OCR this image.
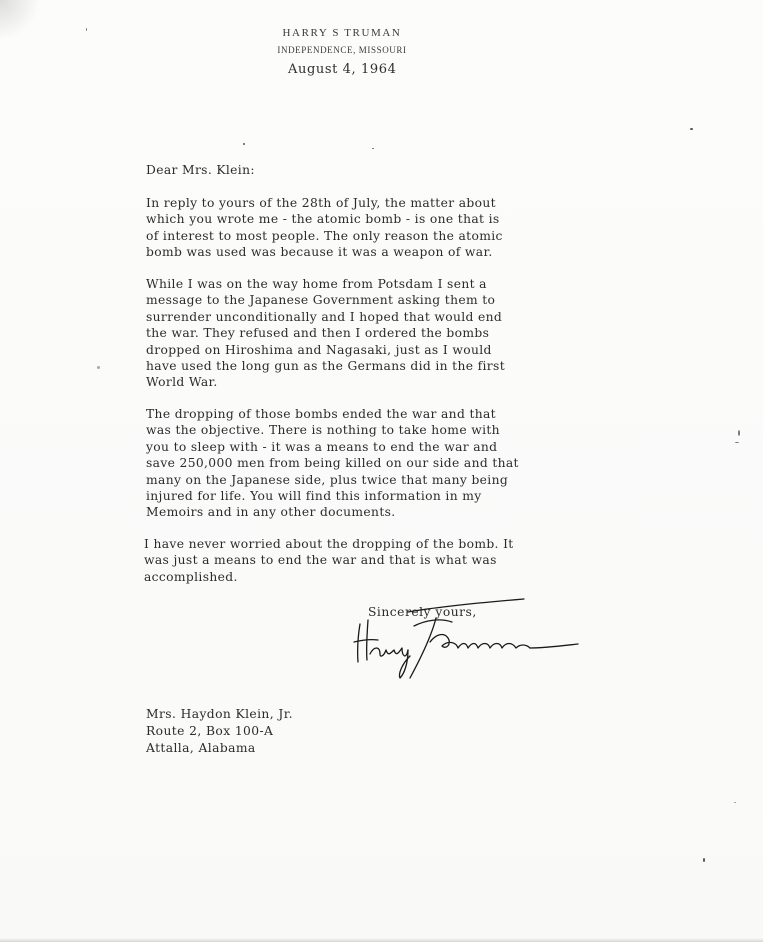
HARRY S TRUMAN
INDEPENDENCE, MISSOURI
August 4, 1964
Dear Mrs. Klein:
In reply to yours of the 28th of July, the matter about
which you wrote me - the atomic bomb - is one that is
of interest to most people. The only reason the atomic
bomb was used was because it was a weapon of war.
While I was on the way home from Potsdam I sent a
message to the Japanese Government asking them to
surrender unconditionally and I hoped that would end
the war. They refused and then I ordered the bombs
dropped on Hiroshima and Nagasaki, just as I would
have used the long gun as the Germans did in the first
World War.
The dropping of those bombs ended the war and that
was the objective. There is nothing to take home with
you to sleep with - it was a means to end the war and
save 250,000 men from being killed on our side and that
many on the Japanese side, plus twice that many being
injured for life. You will find this information in my
Memoirs and in any other documents.
I have never worried about the dropping of the bomb. It
was just a means to end the war and that is what was
accomplished.
Sincerely yours,
Mrs. Haydon Klein, Jr.
Route 2, Box 100-A
Attalla, Alabama
